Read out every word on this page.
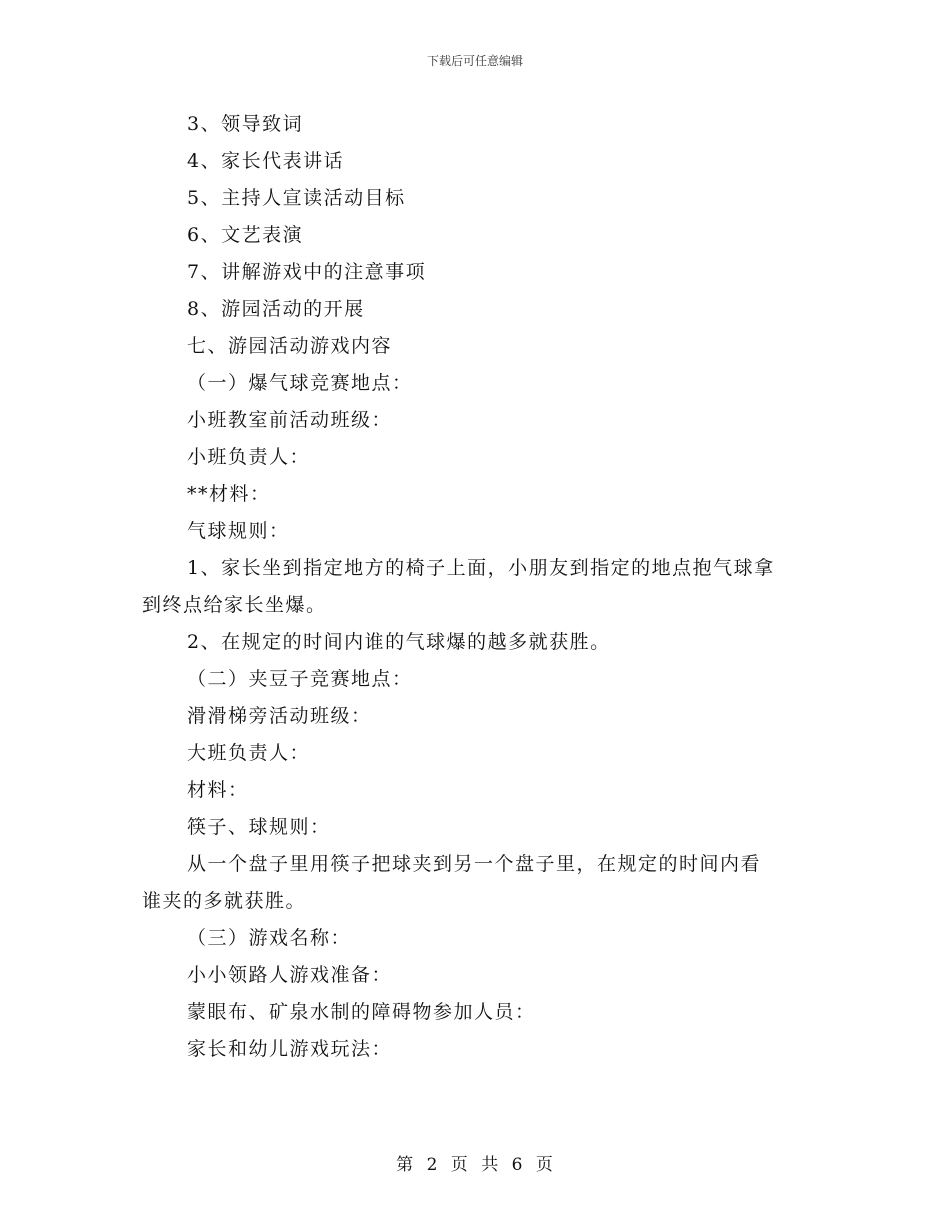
下载后可任意编辑
3、领导致词
4、家长代表讲话
5、主持人宣读活动目标
6、文艺表演
7、讲解游戏中的注意事项
8、游园活动的开展
七、游园活动游戏内容
（一）爆气球竞赛地点：
小班教室前活动班级：
小班负责人：
**材料：
气球规则：
1、家长坐到指定地方的椅子上面，小朋友到指定的地点抱气球拿
到终点给家长坐爆。
2、在规定的时间内谁的气球爆的越多就获胜。
（二）夹豆子竞赛地点：
滑滑梯旁活动班级：
大班负责人：
材料：
筷子、球规则：
从一个盘子里用筷子把球夹到另一个盘子里，在规定的时间内看
谁夹的多就获胜。
（三）游戏名称：
小小领路人游戏准备：
蒙眼布、矿泉水制的障碍物参加人员：
家长和幼儿游戏玩法：
第 2 页 共 6 页
